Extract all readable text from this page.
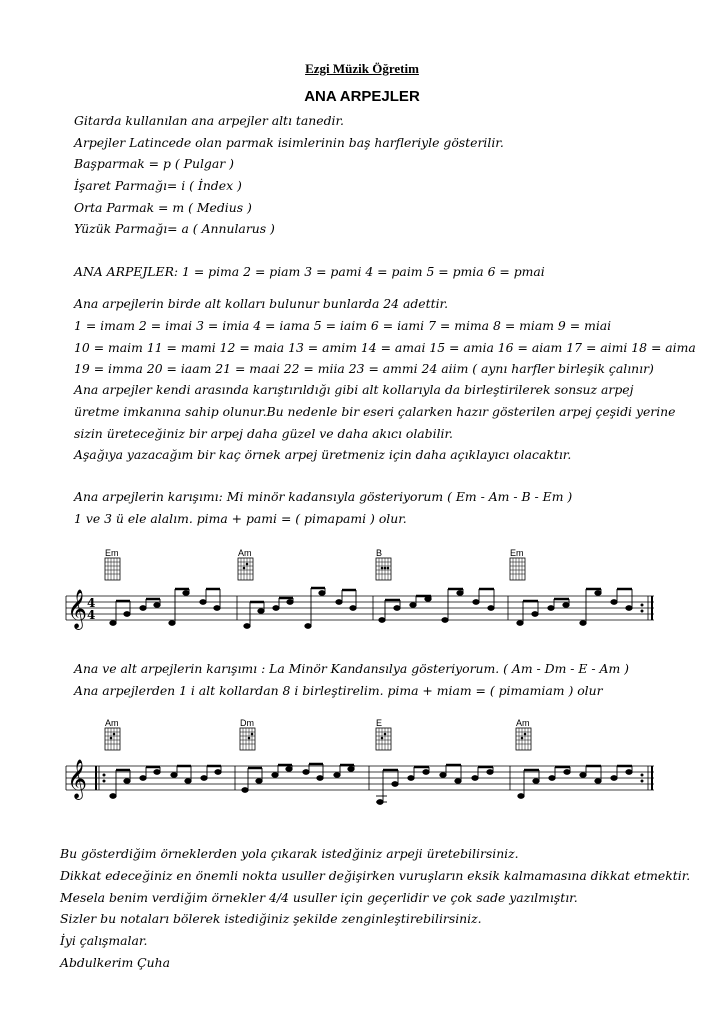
Ezgi Müzik Öğretim
ANA ARPEJLER
Gitarda kullanılan ana arpejler altı tanedir.
Arpejler Latincede olan parmak isimlerinin baş harfleriyle gösterilir.
Başparmak = p ( Pulgar )
İşaret Parmağı= i ( İndex )
Orta Parmak = m ( Medius )
Yüzük Parmağı= a ( Annularus )
ANA ARPEJLER: 1 = pima 2 = piam 3 = pami 4 = paim 5 = pmia 6 = pmai
Ana arpejlerin birde alt kolları bulunur bunlarda 24 adettir.
1 = imam 2 = imai 3 = imia 4 = iama 5 = iaim 6 = iami 7 = mima 8 = miam 9 = miai
10 = maim 11 = mami 12 = maia 13 = amim 14 = amai 15 = amia 16 = aiam 17 = aimi 18 = aima
19 = imma 20 = iaam 21 = maai 22 = miia 23 = ammi 24 aiim ( aynı harfler birleşik çalınır)
Ana arpejler kendi arasında karıştırıldığı gibi alt kollarıyla da birleştirilerek sonsuz arpej
üretme imkanına sahip olunur.Bu nedenle bir eseri çalarken hazır gösterilen arpej çeşidi yerine
sizin üreteceğiniz bir arpej daha güzel ve daha akıcı olabilir.
Aşağıya yazacağım bir kaç örnek arpej üretmeniz için daha açıklayıcı olacaktır.
Ana arpejlerin karışımı: Mi minör kadansıyla gösteriyorum ( Em - Am - B - Em )
1 ve 3 ü ele alalım. pima + pami = ( pimapami ) olur.
Em	Am	B	Em
𝄞 4
4
Ana ve alt arpejlerin karışımı : La Minör Kandansılya gösteriyorum. ( Am - Dm - E - Am )
Ana arpejlerden 1 i alt kollardan 8 i birleştirelim. pima + miam = ( pimamiam ) olur
Am	Dm	E	Am
𝄞
Bu gösterdiğim örneklerden yola çıkarak istedğiniz arpeji üretebilirsiniz.
Dikkat edeceğiniz en önemli nokta usuller değişirken vuruşların eksik kalmamasına dikkat etmektir.
Mesela benim verdiğim örnekler 4/4 usuller için geçerlidir ve çok sade yazılmıştır.
Sizler bu notaları bölerek istediğiniz şekilde zenginleştirebilirsiniz.
İyi çalışmalar.
Abdulkerim Çuha
